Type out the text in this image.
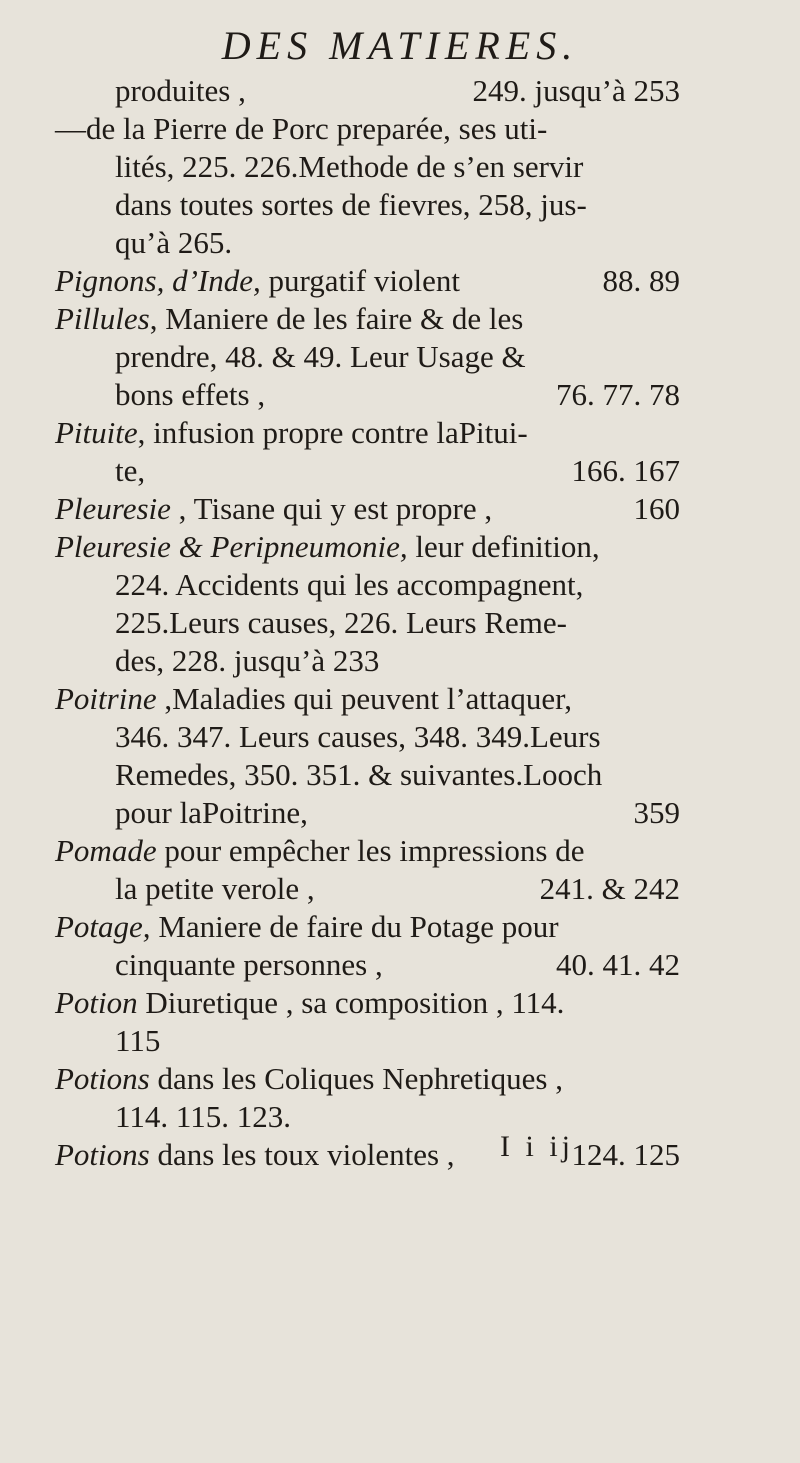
DES MATIERES.
produites ,	249. jusqu’à 253
—de la Pierre de Porc preparée, ses uti-
lités, 225. 226.Methode de s’en servir
dans toutes sortes de fievres, 258, jus-
qu’à 265.
Pignons, d’Inde, purgatif violent	88. 89
Pillules, Maniere de les faire & de les
prendre, 48. & 49. Leur Usage &
bons effets ,	76. 77. 78
Pituite, infusion propre contre laPitui-
te,	166. 167
Pleuresie , Tisane qui y est propre ,	160
Pleuresie & Peripneumonie, leur definition,
224. Accidents qui les accompagnent,
225.Leurs causes, 226. Leurs Reme-
des, 228. jusqu’à 233
Poitrine ,Maladies qui peuvent l’attaquer,
346. 347. Leurs causes, 348. 349.Leurs
Remedes, 350. 351. & suivantes.Looch
pour laPoitrine,	359
Pomade pour empêcher les impressions de
la petite verole ,	241. & 242
Potage, Maniere de faire du Potage pour
cinquante personnes ,	40. 41. 42
Potion Diuretique , sa composition , 114.
115
Potions dans les Coliques Nephretiques ,
114. 115. 123.
Potions dans les toux violentes ,	124. 125
I i ij
